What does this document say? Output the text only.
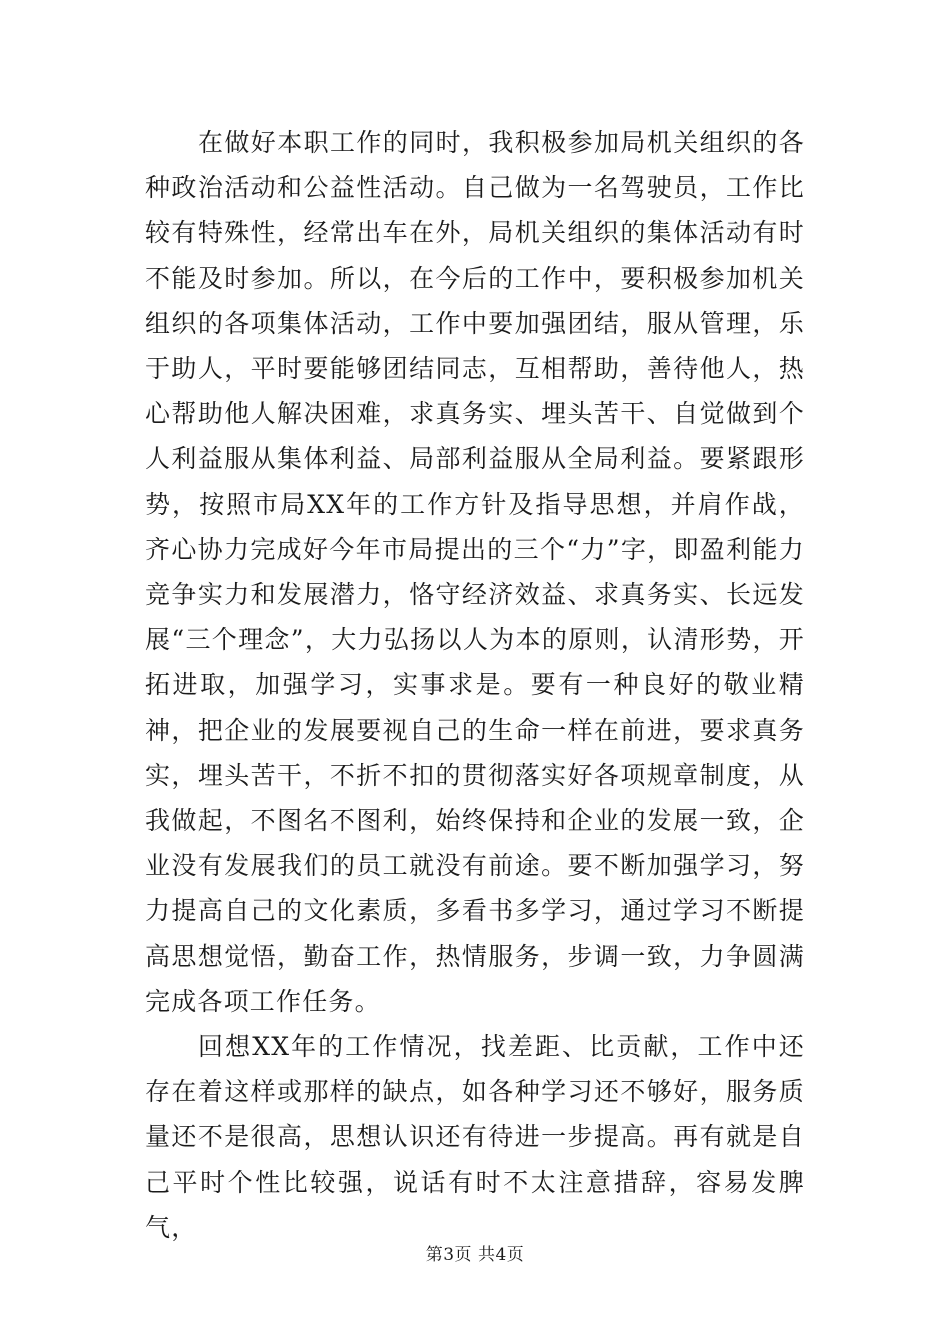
在做好本职工作的同时，我积极参加局机关组织的各种政治活动和公益性活动。自己做为一名驾驶员，工作比较有特殊性，经常出车在外，局机关组织的集体活动有时不能及时参加。所以，在今后的工作中，要积极参加机关组织的各项集体活动，工作中要加强团结，服从管理，乐于助人，平时要能够团结同志，互相帮助，善待他人，热心帮助他人解决困难，求真务实、埋头苦干、自觉做到个人利益服从集体利益、局部利益服从全局利益。要紧跟形势，按照市局XX年的工作方针及指导思想，并肩作战，齐心协力完成好今年市局提出的三个“力”字，即盈利能力竞争实力和发展潜力，恪守经济效益、求真务实、长远发展“三个理念”，大力弘扬以人为本的原则，认清形势，开拓进取，加强学习，实事求是。要有一种良好的敬业精神，把企业的发展要视自己的生命一样在前进，要求真务实，埋头苦干，不折不扣的贯彻落实好各项规章制度，从我做起，不图名不图利，始终保持和企业的发展一致，企业没有发展我们的员工就没有前途。要不断加强学习，努力提高自己的文化素质，多看书多学习，通过学习不断提高思想觉悟，勤奋工作，热情服务，步调一致，力争圆满完成各项工作任务。

回想XX年的工作情况，找差距、比贡献，工作中还存在着这样或那样的缺点，如各种学习还不够好，服务质量还不是很高，思想认识还有待进一步提高。再有就是自己平时个性比较强，说话有时不太注意措辞，容易发脾气，

第3页 共4页
